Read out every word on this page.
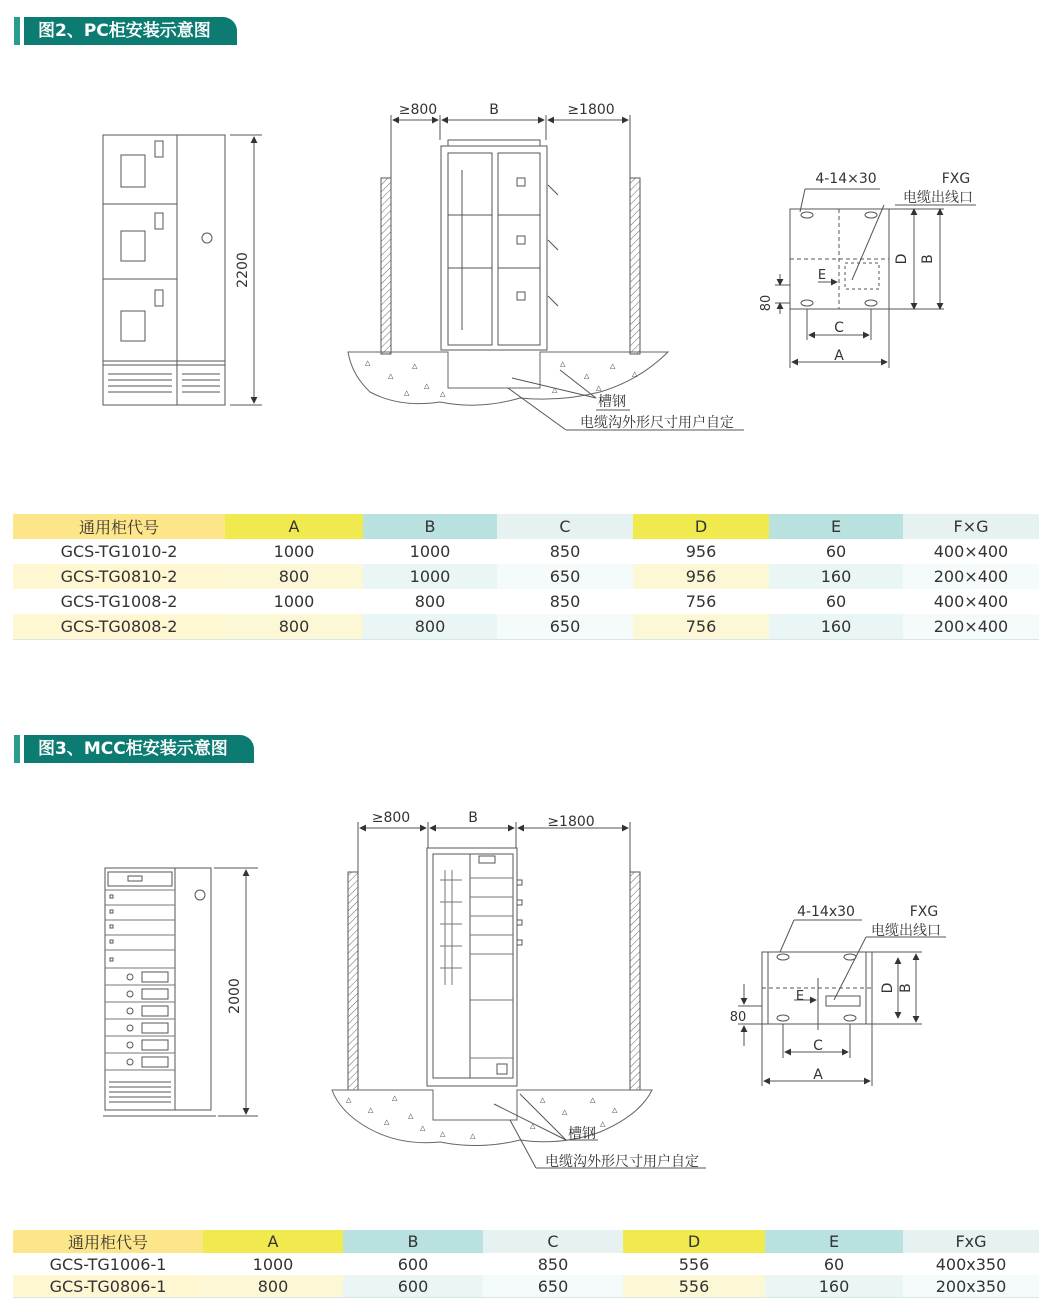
图2、PC柜安装示意图
2200
≥800	B	≥1800
△
△
△
△
△
△
△
△
△
△
△
△	槽钢
电缆沟外形尺寸用户自定
4-14×30	FXG
电缆出线口
D B
C
A
E
80
通用柜代号	A	B	C	D	E	F×G
GCS-TG1010-2	1000	1000	850	956	60	400×400
GCS-TG0810-2	800	1000	650	956	160	200×400
GCS-TG1008-2	1000	800	850	756	60	400×400
GCS-TG0808-2	800	800	650	756	160	200×400
图3、MCC柜安装示意图
2000
≥800	B	≥1800
△
△
△
△
△
△
△
△
△
△
△
△
△	△	槽钢
电缆沟外形尺寸用户自定
4-14x30	FXG
电缆出线口
D B
C
A
E
80
通用柜代号	A	B	C	D	E	FxG
GCS-TG1006-1	1000	600	850	556	60	400x350
GCS-TG0806-1	800	600	650	556	160	200x350
